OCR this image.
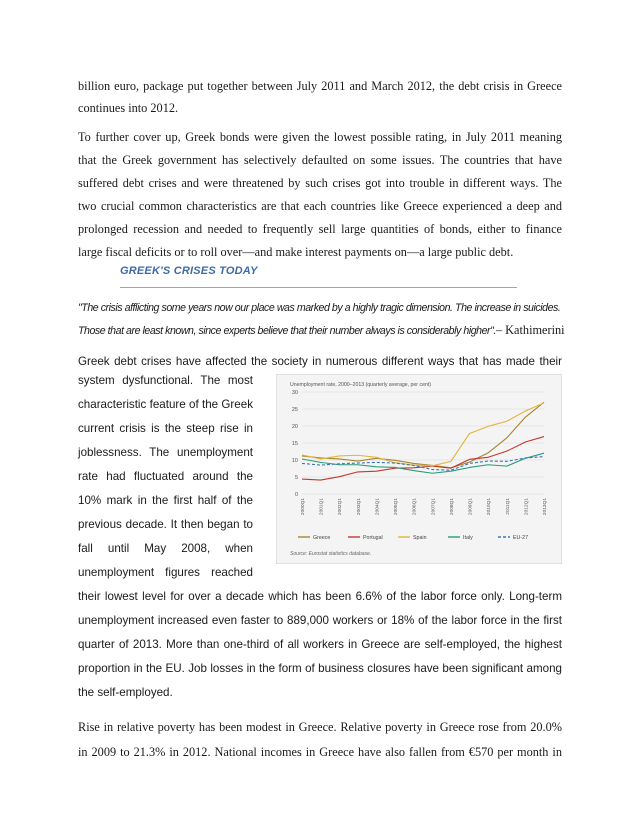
billion euro, package put together between July 2011 and March 2012, the debt crisis in Greece
continues into 2012.
To further cover up, Greek bonds were given the lowest possible rating, in July 2011 meaning
that the Greek government has selectively defaulted on some issues. The countries that have
suffered debt crises and were threatened by such crises got into trouble in different ways. The
two crucial common characteristics are that each countries like Greece experienced a deep and
prolonged recession and needed to frequently sell large quantities of bonds, either to finance
large fiscal deficits or to roll over—and make interest payments on—a large public debt.
GREEK'S CRISES TODAY
"The crisis afflicting some years now our place was marked by a highly tragic dimension. The increase in suicides.
Those that are least known, since experts believe that their number always is considerably higher".– Kathimerini
Greek debt crises have affected the society in numerous different ways that has made their
system dysfunctional. The most
characteristic feature of the Greek
current crisis is the steep rise in
joblessness. The unemployment
rate had fluctuated around the
10% mark in the first half of the
previous decade. It then began to
fall until May 2008, when
unemployment figures reached
their lowest level for over a decade which has been 6.6% of the labor force only. Long-term
unemployment increased even faster to 889,000 workers or 18% of the labor force in the first
quarter of 2013. More than one-third of all workers in Greece are self-employed, the highest
proportion in the EU. Job losses in the form of business closures have been significant among
the self-employed.
Rise in relative poverty has been modest in Greece. Relative poverty in Greece rose from 20.0%
in 2009 to 21.3% in 2012. National incomes in Greece have also fallen from €570 per month in
Unemployment rate, 2000–2013 (quarterly average, per cent)
0
5
10
15
20
25
30
2000Q1	2001Q1	2002Q1	2003Q1	2004Q1	2005Q1	2006Q1	2007Q1	2008Q1	2009Q1	2010Q1	2011Q1	2012Q1	2013Q1
Greece	Portugal	Spain	Italy	EU-27
Source: Eurostat statistics database.
